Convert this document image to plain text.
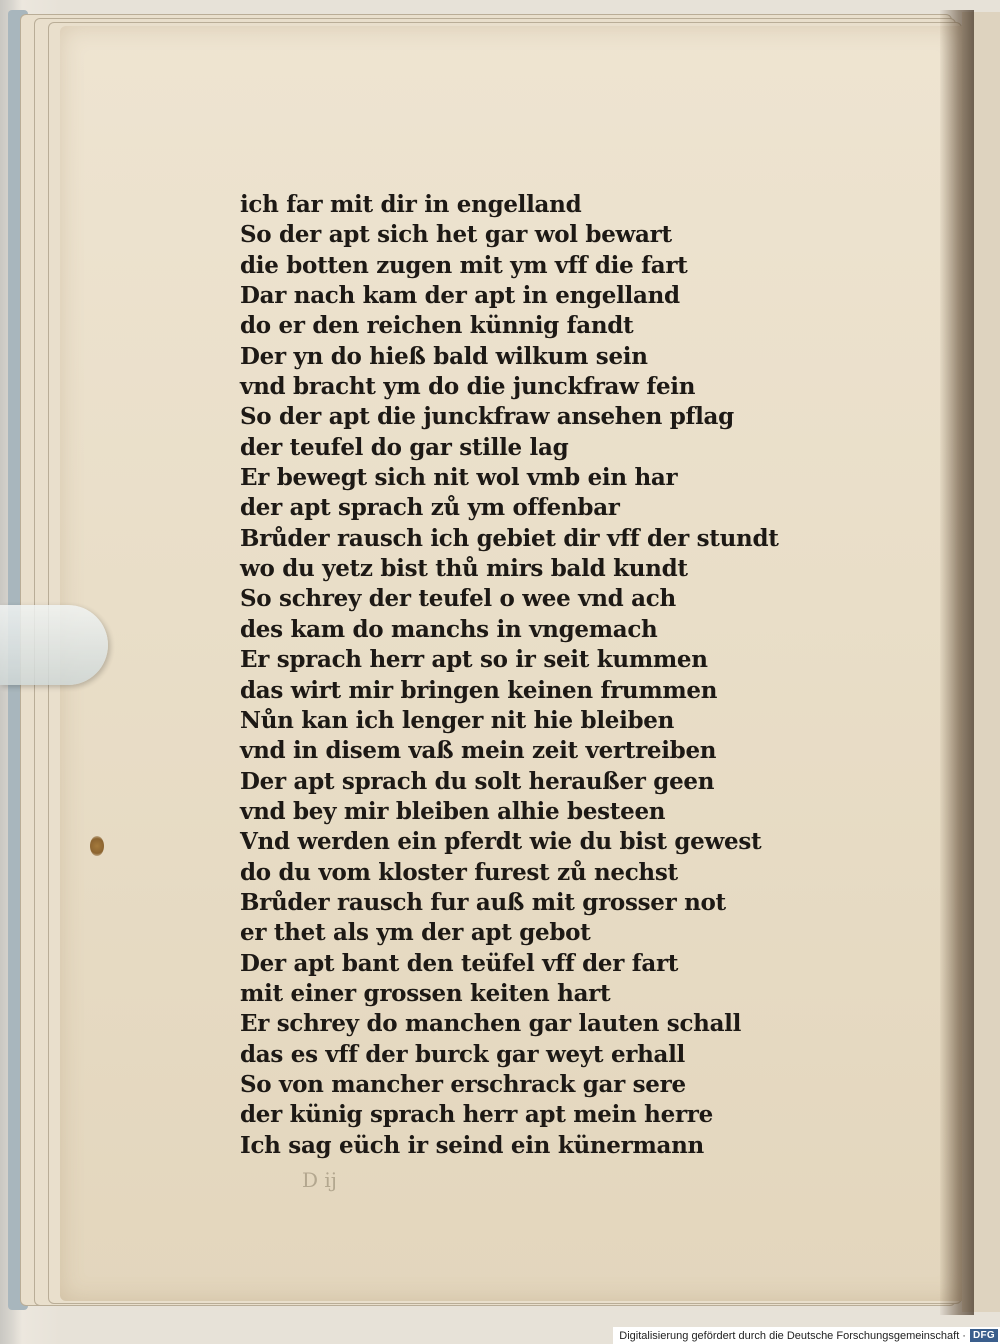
ich far mit dir in engelland
So der apt sich het gar wol bewart
die botten zugen mit ym vff die fart
Dar nach kam der apt in engelland
do er den reichen künnig fandt
Der yn do hieß bald wilkum sein
vnd bracht ym do die junckfraw fein
So der apt die junckfraw ansehen pflag
der teufel do gar stille lag
Er bewegt sich nit wol vmb ein har
der apt sprach zů ym offenbar
Brůder rausch ich gebiet dir vff der stundt
wo du yetz bist thů mirs bald kundt
So schrey der teufel o wee vnd ach
des kam do manchs in vngemach
Er sprach herr apt so ir seit kummen
das wirt mir bringen keinen frummen
Nůn kan ich lenger nit hie bleiben
vnd in disem vaß mein zeit vertreiben
Der apt sprach du solt heraußer geen
vnd bey mir bleiben alhie besteen
Vnd werden ein pferdt wie du bist gewest
do du vom kloster furest zů nechst
Brůder rausch fur auß mit grosser not
er thet als ym der apt gebot
Der apt bant den teüfel vff der fart
mit einer grossen keiten hart
Er schrey do manchen gar lauten schall
das es vff der burck gar weyt erhall
So von mancher erschrack gar sere
der künig sprach herr apt mein herre
Ich sag eüch ir seind ein künermann
D ij
Digitalisierung gefördert durch die Deutsche Forschungsgemeinschaft · DFG
